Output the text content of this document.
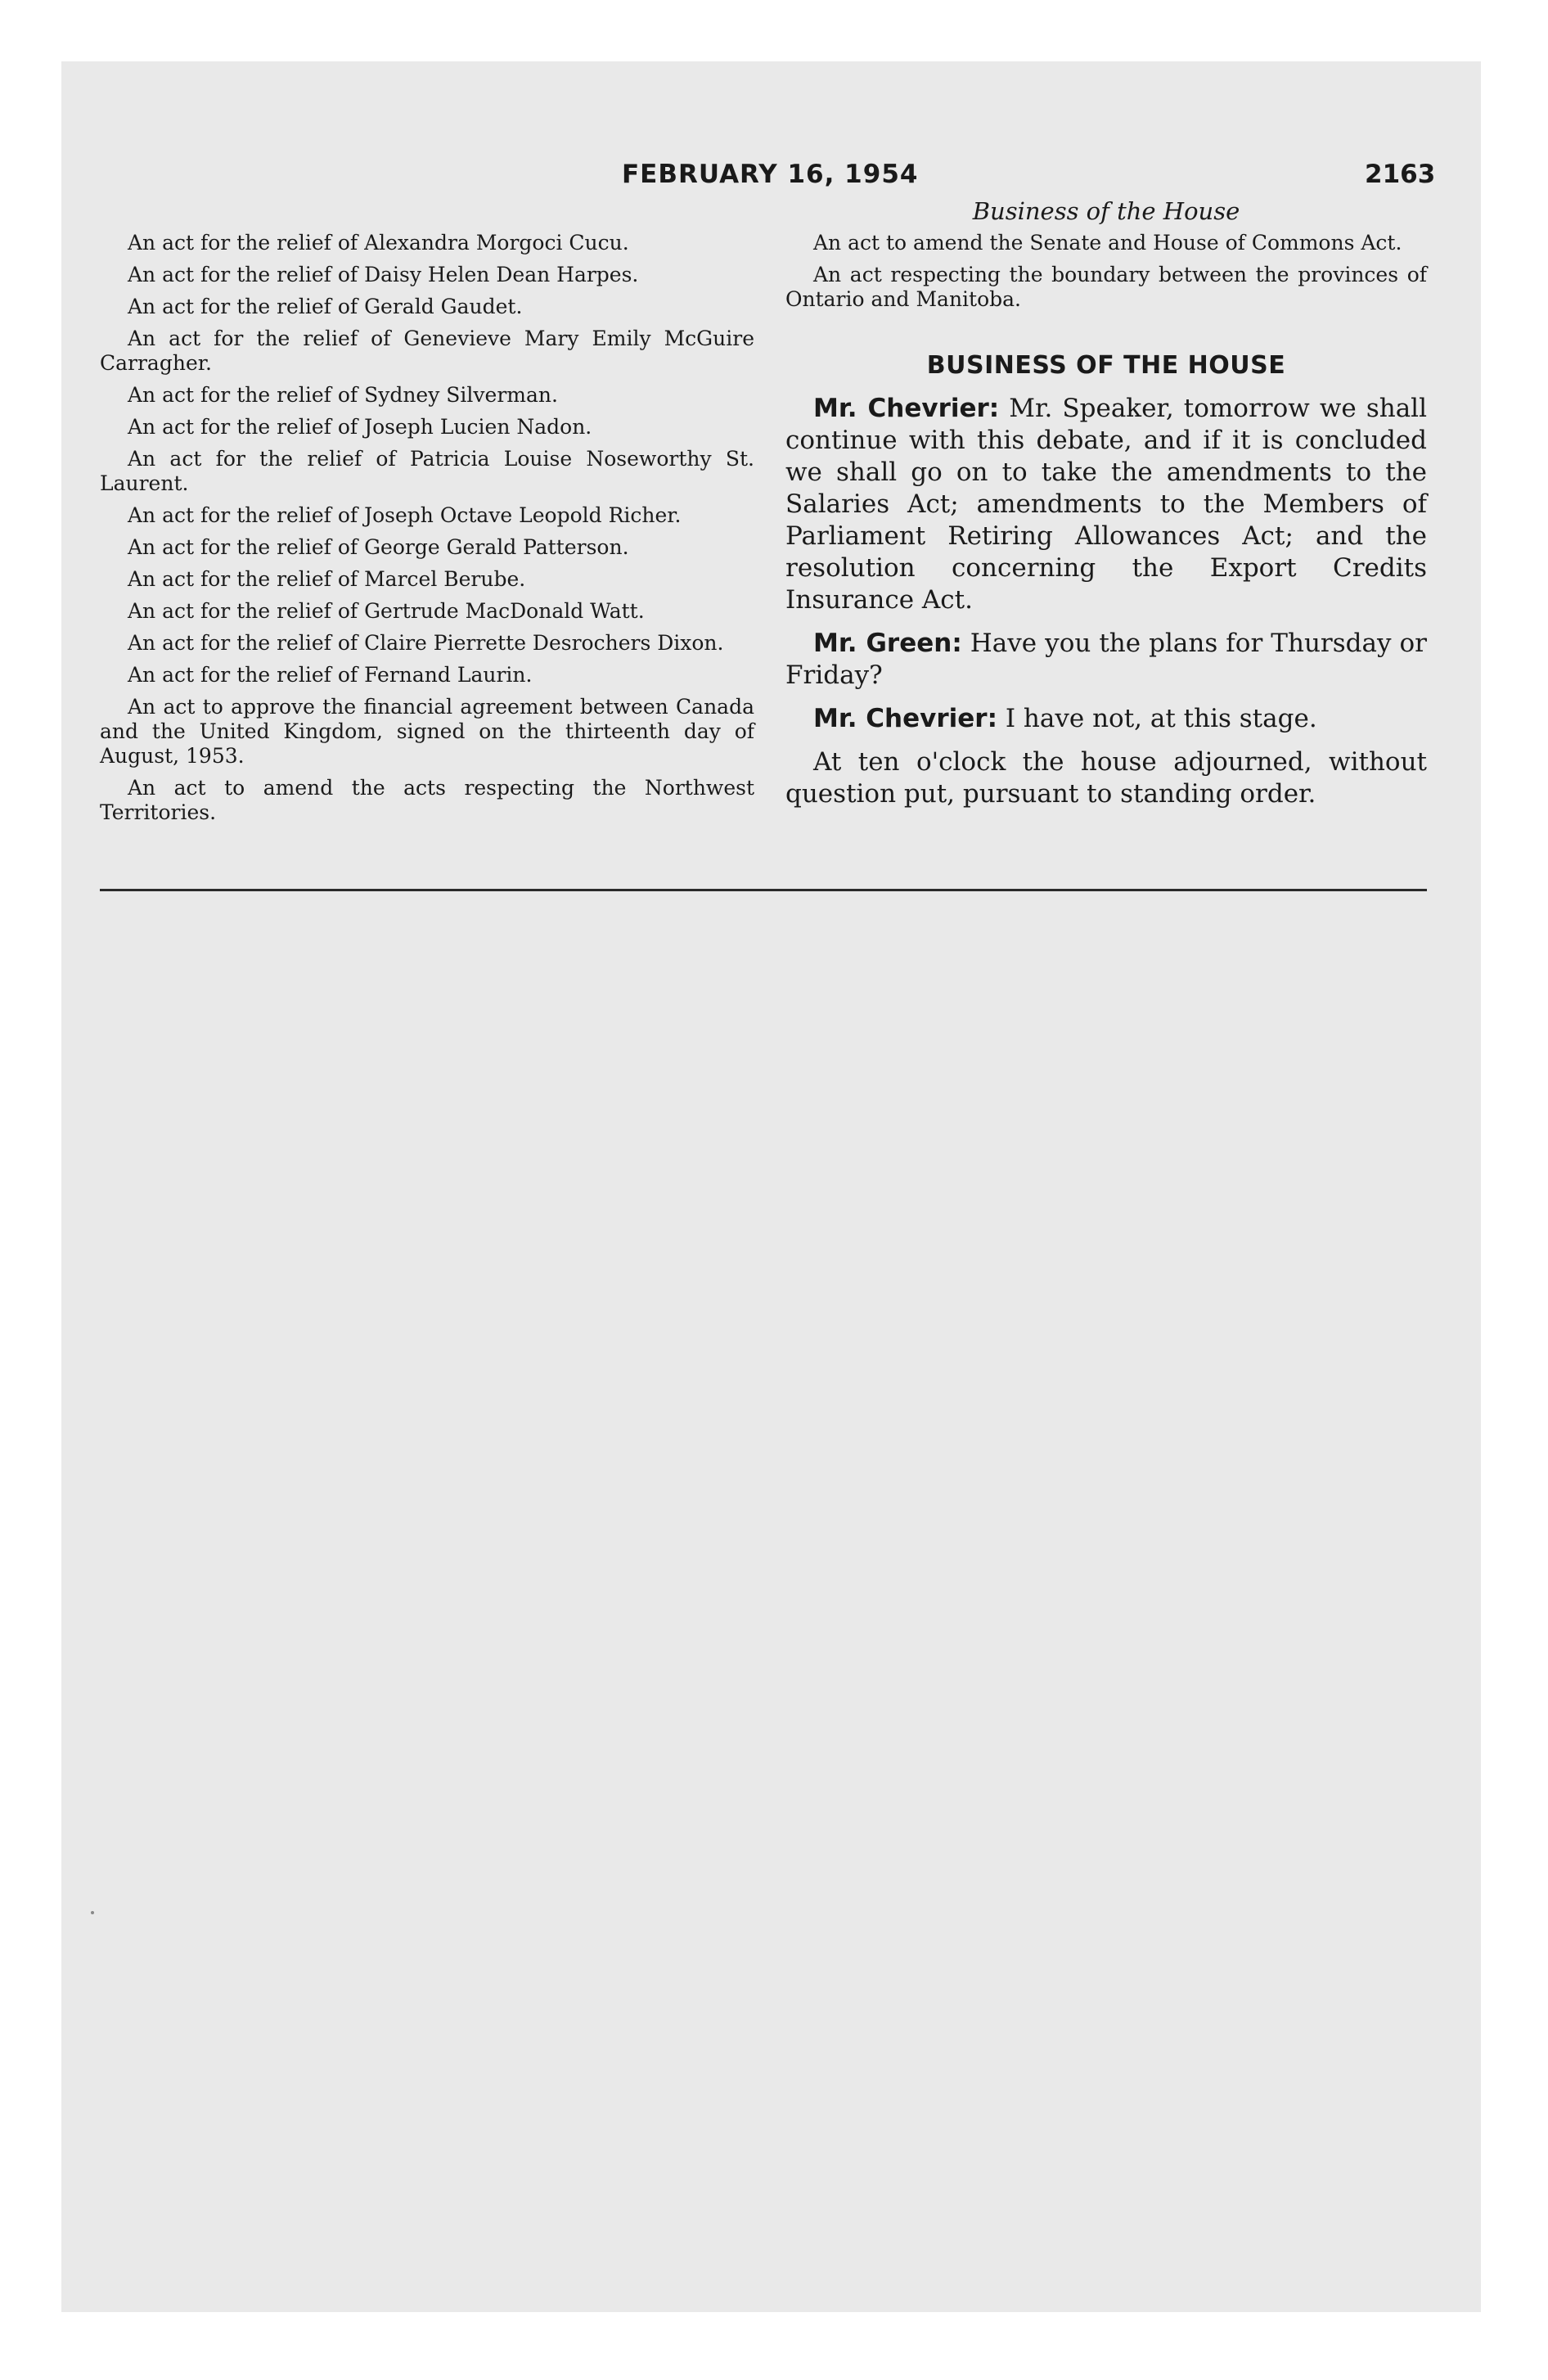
FEBRUARY 16, 1954	2163

An act for the relief of Alexandra Morgoci Cucu.

An act for the relief of Daisy Helen Dean Harpes.

An act for the relief of Gerald Gaudet.

An act for the relief of Genevieve Mary Emily McGuire Carragher.

An act for the relief of Sydney Silverman.

An act for the relief of Joseph Lucien Nadon.

An act for the relief of Patricia Louise Noseworthy St. Laurent.

An act for the relief of Joseph Octave Leopold Richer.

An act for the relief of George Gerald Patterson.

An act for the relief of Marcel Berube.

An act for the relief of Gertrude MacDonald Watt.

An act for the relief of Claire Pierrette Desrochers Dixon.

An act for the relief of Fernand Laurin.

An act to approve the financial agreement between Canada and the United Kingdom, signed on the thirteenth day of August, 1953.

An act to amend the acts respecting the Northwest Territories.

Business of the House

An act to amend the Senate and House of Commons Act.

An act respecting the boundary between the provinces of Ontario and Manitoba.

BUSINESS OF THE HOUSE

Mr. Chevrier: Mr. Speaker, tomorrow we shall continue with this debate, and if it is concluded we shall go on to take the amendments to the Salaries Act; amendments to the Members of Parliament Retiring Allowances Act; and the resolution concerning the Export Credits Insurance Act.

Mr. Green: Have you the plans for Thursday or Friday?

Mr. Chevrier: I have not, at this stage.

At ten o'clock the house adjourned, without question put, pursuant to standing order.
